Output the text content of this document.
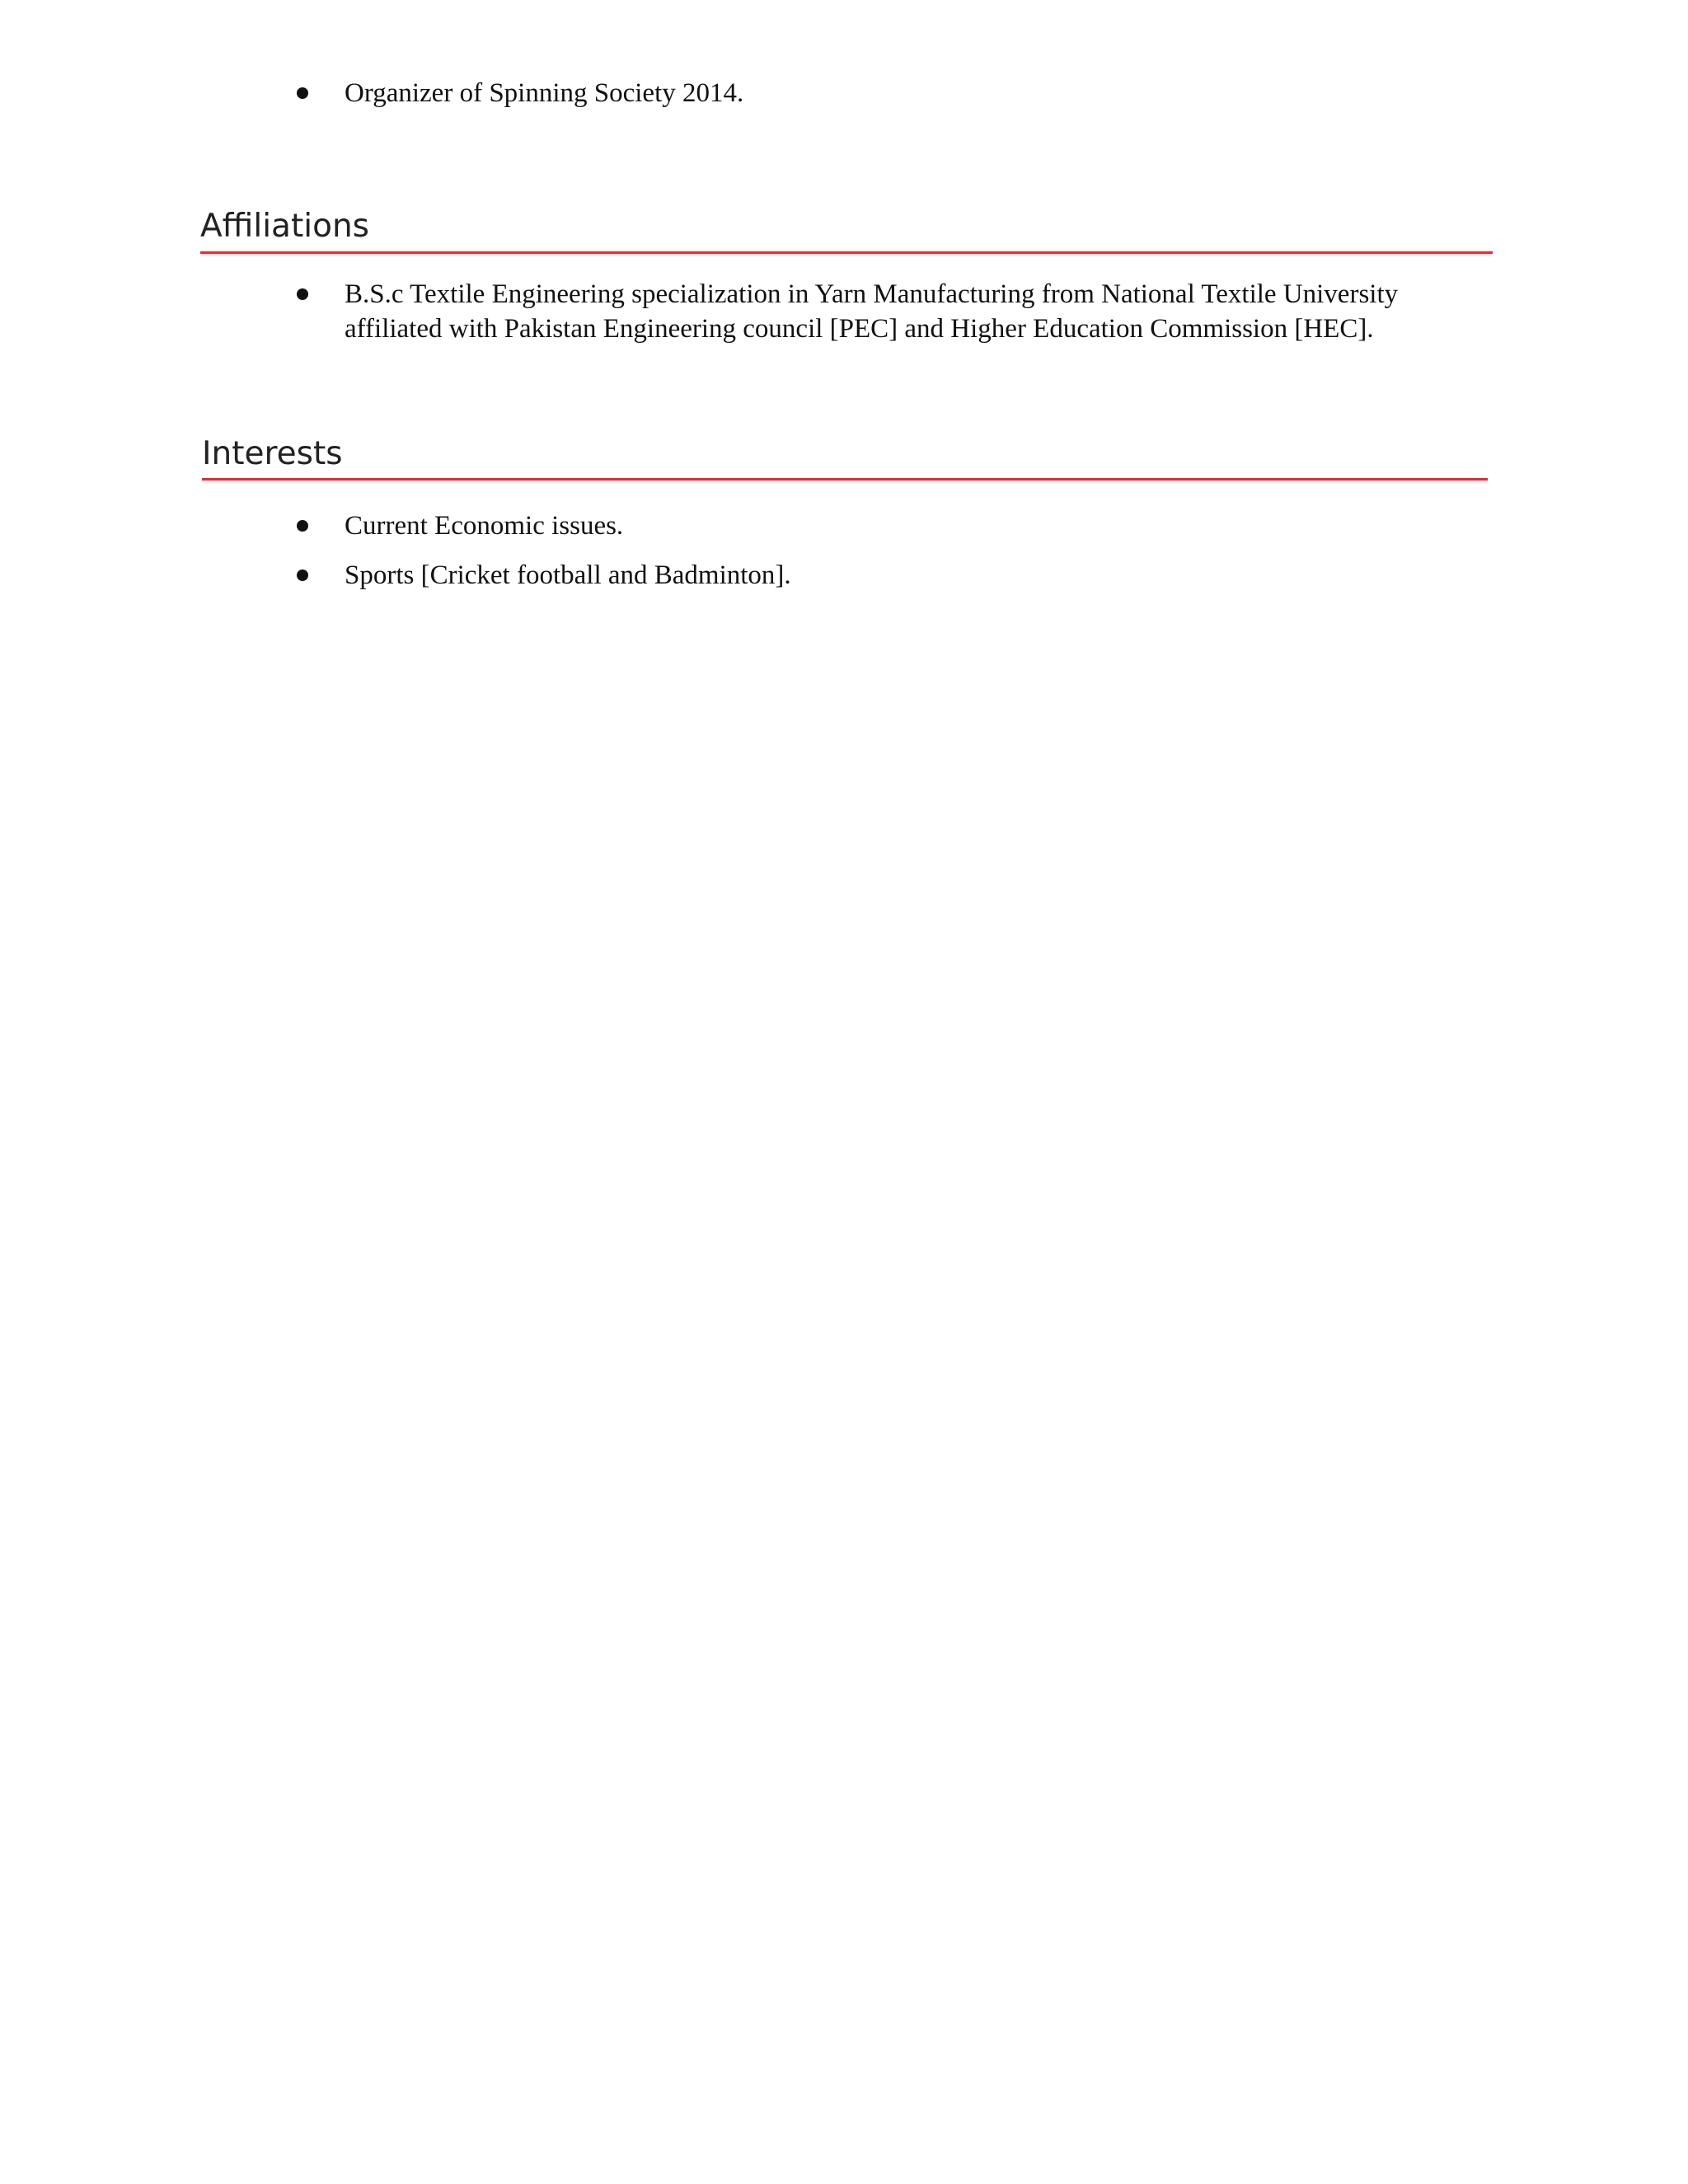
Organizer of Spinning Society 2014.
Affiliations
B.S.c Textile Engineering specialization in Yarn Manufacturing from National Textile University affiliated with Pakistan Engineering council [PEC] and Higher Education Commission [HEC].
Interests
Current Economic issues.
Sports [Cricket football and Badminton].
